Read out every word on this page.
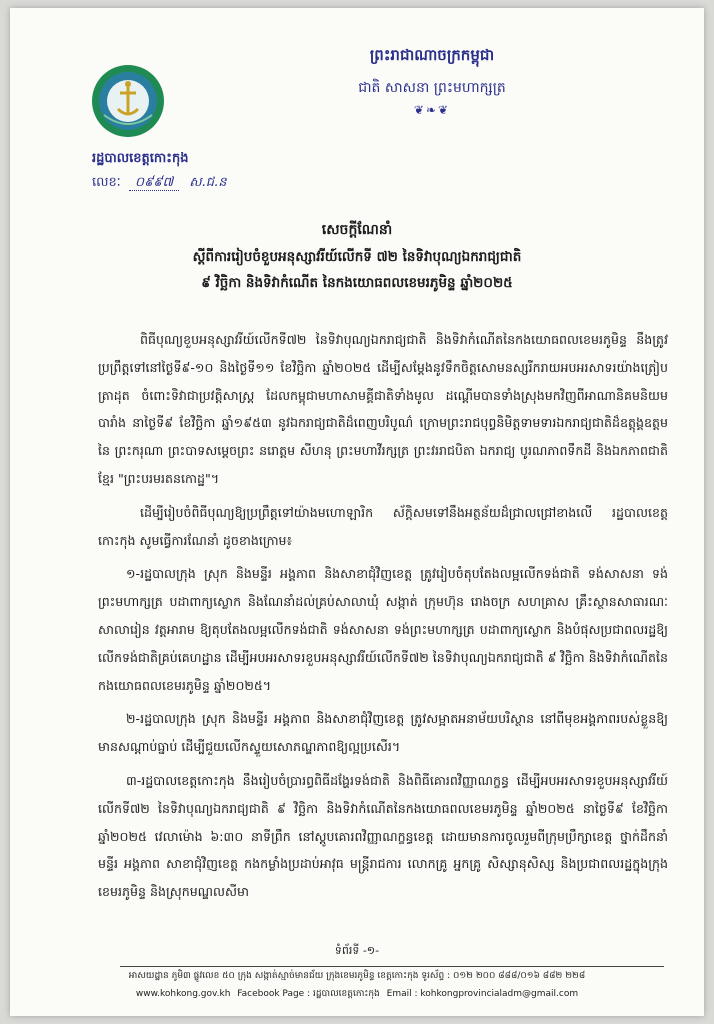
ព្រះរាជាណាចក្រកម្ពុជា
ជាតិ សាសនា ព្រះមហាក្សត្រ
❦❧❦
រដ្ឋបាលខេត្តកោះកុង
លេខៈ ០៩៩៧ ស.ជ.ន
សេចក្តីណែនាំ
ស្តីពីការរៀបចំខួបអនុស្សាវរីយ៍លើកទី ៧២ នៃទិវាបុណ្យឯករាជ្យជាតិ
៩ វិច្ឆិកា និងទិវាកំណើត នៃកងយោធពលខេមរភូមិន្ទ ឆ្នាំ២០២៥

ពិធីបុណ្យខួបអនុស្សាវរីយ៍លើកទី៧២ នៃទិវាបុណ្យឯករាជ្យជាតិ និងទិវាកំណើតនៃកងយោធពលខេមរភូមិន្ទ នឹងត្រូវប្រព្រឹត្តទៅនៅថ្ងៃទី៩-១០ និងថ្ងៃទី១១ ខែវិច្ឆិកា ឆ្នាំ២០២៥ ដើម្បីសម្តែងនូវទឹកចិត្តសោមនស្សរីករាយអបអរសាទរយ៉ាងត្រៀបត្រាដុត ចំពោះទិវាជាប្រវត្តិសាស្ត្រ ដែលកម្ពុជាមហាសាមគ្គីជាតិទាំងមូល ដណ្តើមបានទាំងស្រុងមកវិញពីអាណានិគមនិយមបារាំង នាថ្ងៃទី៩ ខែវិច្ឆិកា ឆ្នាំ១៩៥៣ នូវឯករាជ្យជាតិដ៏ពេញបរិបូណ៌ ក្រោមព្រះរាជបុព្វនិមិត្តទាមទារឯករាជ្យជាតិដ៏ឧត្តុង្គឧត្តម នៃ ព្រះករុណា ព្រះបាទសម្តេចព្រះ នរោត្តម សីហនុ ព្រះមហាវីរក្សត្រ ព្រះវររាជបិតា ឯករាជ្យ បូរណភាពទឹកដី និងឯកភាពជាតិខ្មែរ "ព្រះបរមរតនកោដ្ឋ"។

ដើម្បីរៀបចំពិធីបុណ្យឱ្យប្រព្រឹត្តទៅយ៉ាងមហោឡារិក ស័ក្តិសមទៅនឹងអត្ថន័យដ៏ជ្រាលជ្រៅខាងលើ រដ្ឋបាលខេត្តកោះកុង សូមធ្វើការណែនាំ ដូចខាងក្រោម៖

១-រដ្ឋបាលក្រុង ស្រុក និងមន្ទីរ អង្គភាព និងសាខាជុំវិញខេត្ត ត្រូវរៀបចំតុបតែងលម្អលើកទង់ជាតិ ទង់សាសនា ទង់ព្រះមហាក្សត្រ បដាពាក្យស្លោក និងណែនាំដល់គ្រប់សាលាឃុំ សង្កាត់ ក្រុមហ៊ុន រោងចក្រ សហគ្រាស គ្រឹះស្ថានសាធារណៈ សាលារៀន វត្តអារាម ឱ្យតុបតែងលម្អលើកទង់ជាតិ ទង់សាសនា ទង់ព្រះមហាក្សត្រ បដាពាក្យស្លោក និងបំផុសប្រជាពលរដ្ឋឱ្យលើកទង់ជាតិគ្រប់គេហដ្ឋាន ដើម្បីអបអរសាទរខួបអនុស្សាវរីយ៍លើកទី៧២ នៃទិវាបុណ្យឯករាជ្យជាតិ ៩ វិច្ឆិកា និងទិវាកំណើតនៃកងយោធពលខេមរភូមិន្ទ ឆ្នាំ២០២៥។

២-រដ្ឋបាលក្រុង ស្រុក និងមន្ទីរ អង្គភាព និងសាខាជុំវិញខេត្ត ត្រូវសម្អាតអនាម័យបរិស្ថាន នៅពីមុខអង្គភាពរបស់ខ្លួនឱ្យមានសណ្តាប់ធ្នាប់ ដើម្បីជួយលើកស្ទួយសោភណ្ឌភាពឱ្យល្អប្រសើរ។

៣-រដ្ឋបាលខេត្តកោះកុង នឹងរៀបចំប្រារព្ធពិធីដង្ហែរទង់ជាតិ និងពិធីគោរពវិញ្ញាណក្ខន្ធ ដើម្បីអបអរសាទរខួបអនុស្សាវរីយ៍លើកទី៧២ នៃទិវាបុណ្យឯករាជ្យជាតិ ៩ វិច្ឆិកា និងទិវាកំណើតនៃកងយោធពលខេមរភូមិន្ទ ឆ្នាំ២០២៥ នាថ្ងៃទី៩ ខែវិច្ឆិកា ឆ្នាំ២០២៥ វេលាម៉ោង ៦:៣០ នាទីព្រឹក នៅស្តូបគោរពវិញ្ញាណក្ខន្ធខេត្ត ដោយមានការចូលរួមពីក្រុមប្រឹក្សាខេត្ត ថ្នាក់ដឹកនាំ មន្ទីរ អង្គភាព សាខាជុំវិញខេត្ត កងកម្លាំងប្រដាប់អាវុធ មន្ត្រីរាជការ លោកគ្រូ អ្នកគ្រូ សិស្សានុសិស្ស និងប្រជាពលរដ្ឋក្នុងក្រុងខេមរភូមិន្ទ និងស្រុកមណ្ឌលសីមា

ទំព័រទី -១-
អាសយដ្ឋាន ភូមិ៣ ផ្លូវលេខ ៥០ ក្រុង សង្កាត់ស្មាច់មានជ័យ ក្រុងខេមរភូមិន្ទ ខេត្តកោះកុង ទូរស័ព្ទ : ០១២ ២០០ ៨៨៨/០១៦ ៨៨២ ២២៨
www.kohkong.gov.kh Facebook Page : រដ្ឋបាលខេត្តកោះកុង Email : kohkongprovincialadm@gmail.com
